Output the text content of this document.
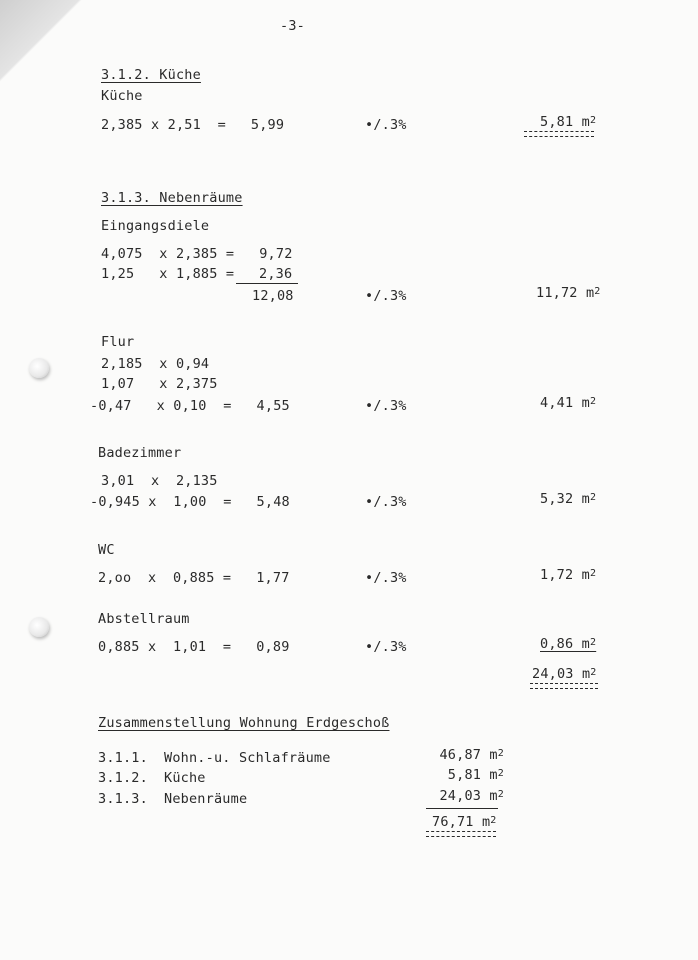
-3-
3.1.2. Küche
Küche
2,385 x 2,51  =   5,99	•/.3%	5,81 $m^2$
3.1.3. Nebenräume
Eingangsdiele
4,075  x 2,385 =   9,72
1,25   x 1,885 = 2,36
12,08	•/.3%	11,72 $m^2$
Flur
2,185  x 0,94
1,07   x 2,375
-0,47   x 0,10  =   4,55	•/.3%	4,41 $m^2$
Badezimmer
3,01  x  2,135
-0,945 x  1,00  =   5,48	•/.3%	5,32 $m^2$
WC
2,oo  x  0,885 =   1,77	•/.3%	1,72 $m^2$
Abstellraum
0,885 x  1,01  =   0,89	•/.3%	0,86 $m^2$
24,03 $m^2$
Zusammenstellung Wohnung Erdgeschoß
3.1.1. Wohn.-u. Schlafräume	46,87 $m^2$
3.1.2. Küche	5,81 $m^2$
3.1.3. Nebenräume	24,03 $m^2$
76,71 $m^2$
